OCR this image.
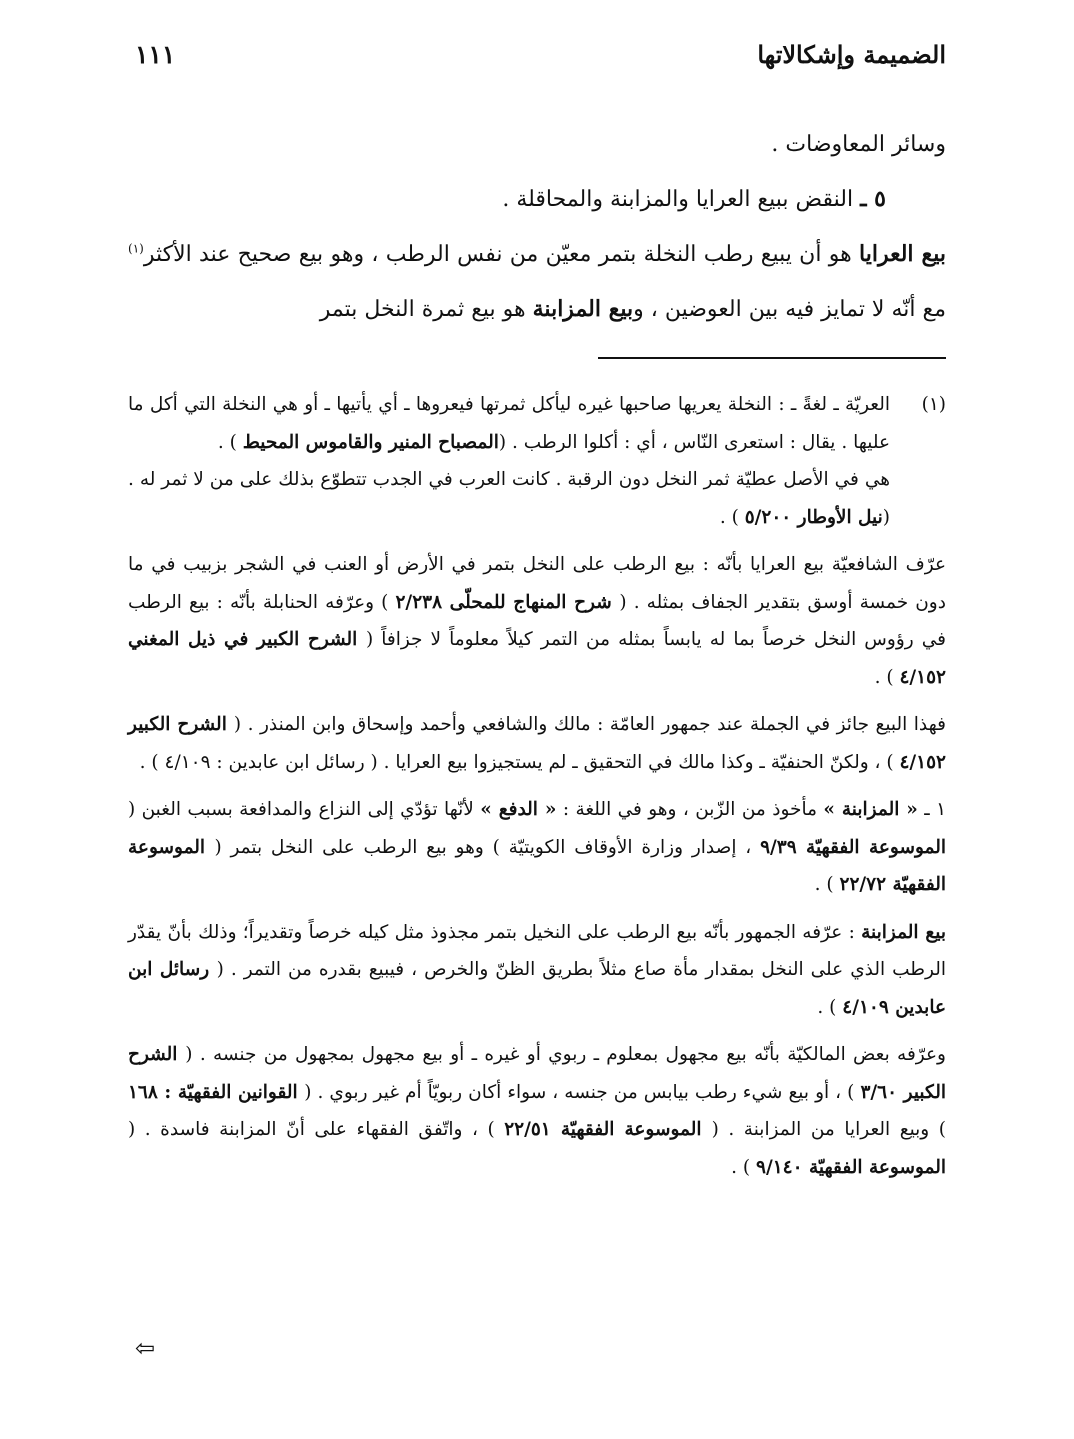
الضميمة وإشكالاتها
١١١

وسائر المعاوضات .

٥ ـ النقض ببيع العرايا والمزابنة والمحاقلة .

بيع العرايا هو أن يبيع رطب النخلة بتمر معيّن من نفس الرطب ، وهو بيع صحيح عند الأكثر$^{(١)}$ مع أنّه لا تمايز فيه بين العوضين ، وبيع المزابنة هو بيع ثمرة النخل بتمر

(١)
العريّة ـ لغةً ـ : النخلة يعريها صاحبها غيره ليأكل ثمرتها فيعروها ـ أي يأتيها ـ أو هي النخلة التي أكل ما عليها . يقال : استعرى النّاس ، أي : أكلوا الرطب . (المصباح المنير والقاموس المحيط ) .
هي في الأصل عطيّة ثمر النخل دون الرقبة . كانت العرب في الجدب تتطوّع بذلك على من لا ثمر له . (نيل الأوطار ٥/٢٠٠ ) .

عرّف الشافعيّة بيع العرايا بأنّه : بيع الرطب على النخل بتمر في الأرض أو العنب في الشجر بزبيب في ما دون خمسة أوسق بتقدير الجفاف بمثله . ( شرح المنهاج للمحلّى ٢/٢٣٨ ) وعرّفه الحنابلة بأنّه : بيع الرطب في رؤوس النخل خرصاً بما له يابساً بمثله من التمر كيلاً معلوماً لا جزافاً ( الشرح الكبير في ذيل المغني ٤/١٥٢ ) .

فهذا البيع جائز في الجملة عند جمهور العامّة : مالك والشافعي وأحمد وإسحاق وابن المنذر . ( الشرح الكبير ٤/١٥٢ ) ، ولكنّ الحنفيّة ـ وكذا مالك في التحقيق ـ لم يستجيزوا بيع العرايا . ( رسائل ابن عابدين : ٤/١٠٩ ) .

١ ـ « المزابنة » مأخوذ من الزّبن ، وهو في اللغة : « الدفع » لأنّها تؤدّي إلى النزاع والمدافعة بسبب الغبن ( الموسوعة الفقهيّة ٩/٣٩ ، إصدار وزارة الأوقاف الكويتيّة ) وهو بيع الرطب على النخل بتمر ( الموسوعة الفقهيّة ٢٢/٧٢ ) .

بيع المزابنة : عرّفه الجمهور بأنّه بيع الرطب على النخيل بتمر مجذوذ مثل كيله خرصاً وتقديراً؛ وذلك بأنّ يقدّر الرطب الذي على النخل بمقدار مأة صاع مثلاً بطريق الظنّ والخرص ، فيبيع بقدره من التمر . ( رسائل ابن عابدين ٤/١٠٩ ) .

وعرّفه بعض المالكيّة بأنّه بيع مجهول بمعلوم ـ ربوي أو غيره ـ أو بيع مجهول بمجهول من جنسه . ( الشرح الكبير ٣/٦٠ ) ، أو بيع شيء رطب بيابس من جنسه ، سواء أكان ربويّاً أم غير ربوي . ( القوانين الفقهيّة : ١٦٨ ) وبيع العرايا من المزابنة . ( الموسوعة الفقهيّة ٢٢/٥١ ) ، واتّفق الفقهاء على أنّ المزابنة فاسدة . ( الموسوعة الفقهيّة ٩/١٤٠ ) .

⇦
